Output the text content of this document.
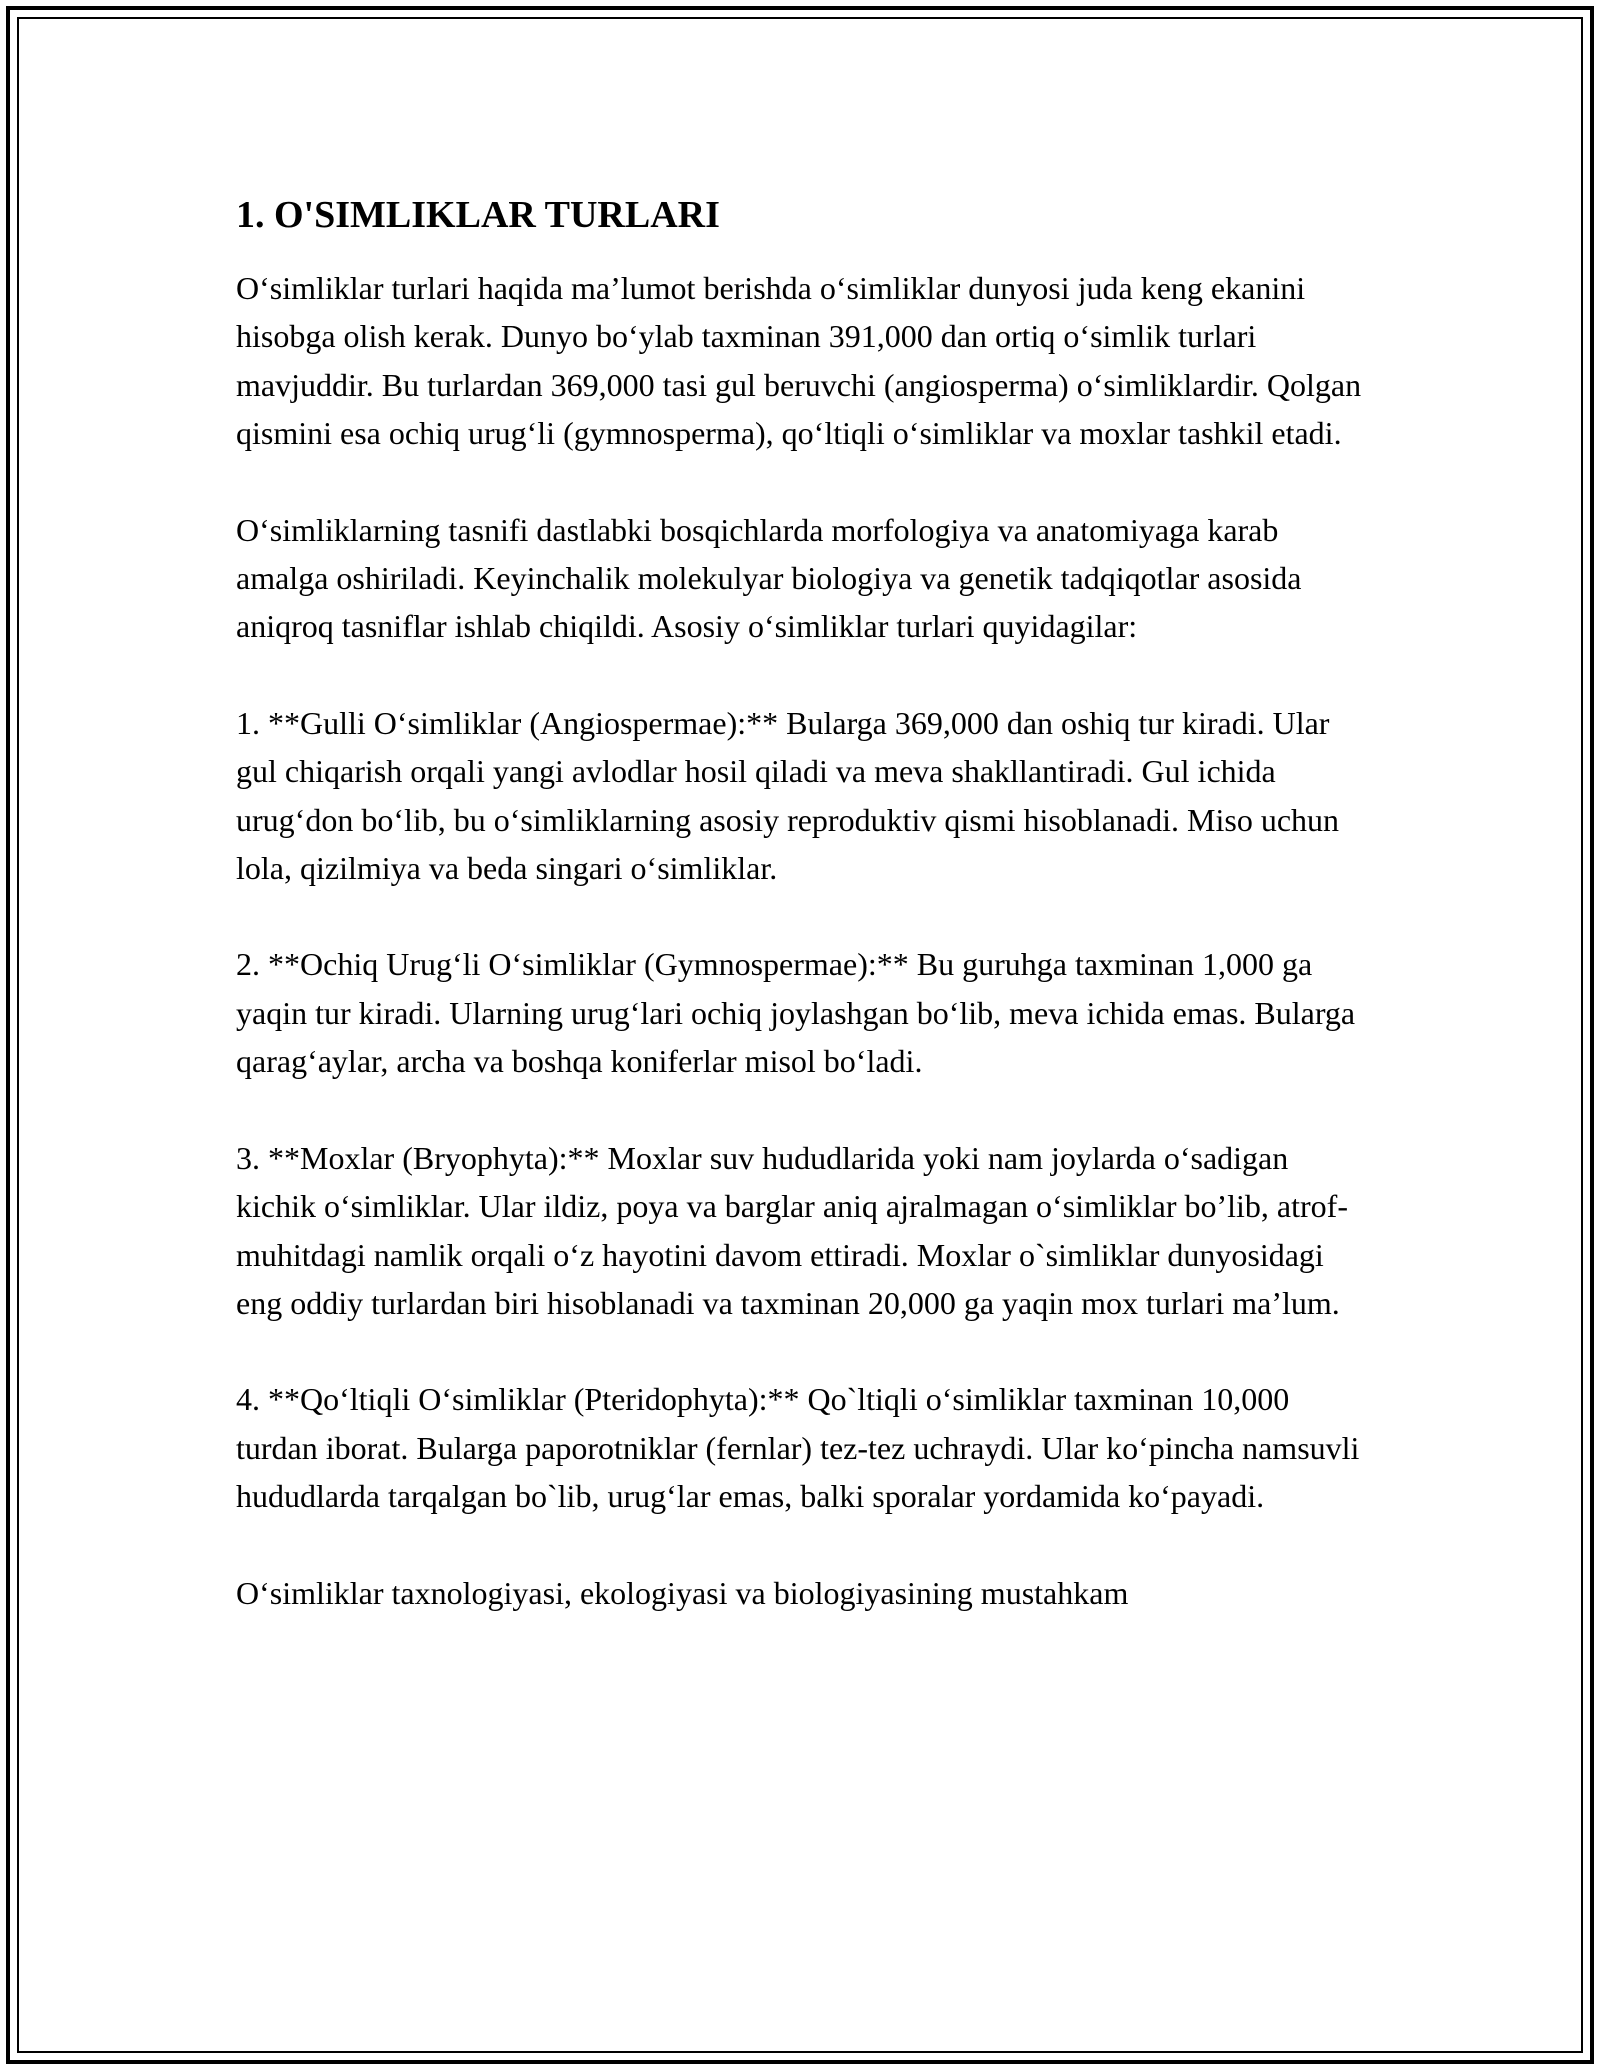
1. O'SIMLIKLAR TURLARI

O‘simliklar turlari haqida ma’lumot berishda o‘simliklar dunyosi juda keng ekanini hisobga olish kerak. Dunyo bo‘ylab taxminan 391,000 dan ortiq o‘simlik turlari mavjuddir. Bu turlardan 369,000 tasi gul beruvchi (angiosperma) o‘simliklardir. Qolgan qismini esa ochiq urug‘li (gymnosperma), qo‘ltiqli o‘simliklar va moxlar tashkil etadi.

O‘simliklarning tasnifi dastlabki bosqichlarda morfologiya va anatomiyaga karab amalga oshiriladi. Keyinchalik molekulyar biologiya va genetik tadqiqotlar asosida aniqroq tasniflar ishlab chiqildi. Asosiy o‘simliklar turlari quyidagilar:

1. **Gulli O‘simliklar (Angiospermae):** Bularga 369,000 dan oshiq tur kiradi. Ular gul chiqarish orqali yangi avlodlar hosil qiladi va meva shakllantiradi. Gul ichida urug‘don bo‘lib, bu o‘simliklarning asosiy reproduktiv qismi hisoblanadi. Miso uchun lola, qizilmiya va beda singari o‘simliklar.

2. **Ochiq Urug‘li O‘simliklar (Gymnospermae):** Bu guruhga taxminan 1,000 ga yaqin tur kiradi. Ularning urug‘lari ochiq joylashgan bo‘lib, meva ichida emas. Bularga qarag‘aylar, archa va boshqa koniferlar misol bo‘ladi.

3. **Moxlar (Bryophyta):** Moxlar suv hududlarida yoki nam joylarda o‘sadigan kichik o‘simliklar. Ular ildiz, poya va barglar aniq ajralmagan o‘simliklar bo’lib, atrof-muhitdagi namlik orqali o‘z hayotini davom ettiradi. Moxlar o`simliklar dunyosidagi eng oddiy turlardan biri hisoblanadi va taxminan 20,000 ga yaqin mox turlari ma’lum.

4. **Qo‘ltiqli O‘simliklar (Pteridophyta):** Qo`ltiqli o‘simliklar taxminan 10,000 turdan iborat. Bularga paporotniklar (fernlar) tez-tez uchraydi. Ular ko‘pincha namsuvli hududlarda tarqalgan bo`lib, urug‘lar emas, balki sporalar yordamida ko‘payadi.

O‘simliklar taxnologiyasi, ekologiyasi va biologiyasining mustahkam
